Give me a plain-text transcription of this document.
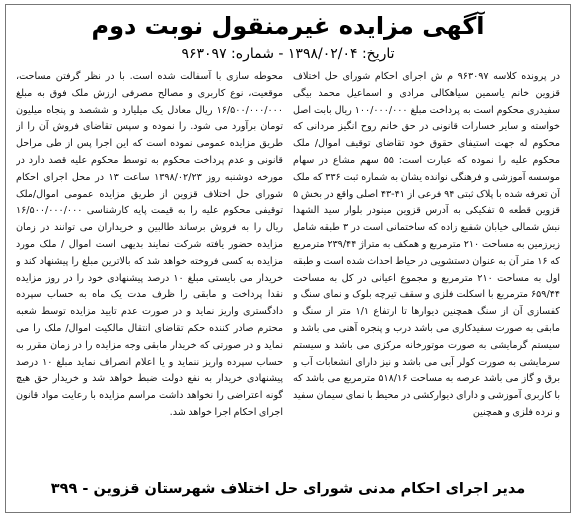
آگهی مزایده غیرمنقول نوبت دوم
تاریخ: ۱۳۹۸/۰۲/۰۴ - شماره: ۹۶۳۰۹۷

در پرونده کلاسه ۹۶۳۰۹۷ م ش اجرای احکام شورای حل اختلاف قزوین خانم یاسمین سیاهکالی مرادی و اسماعیل محمد بیگی سفیدری محکوم است به پرداخت مبلغ ۱۰۰/۰۰۰/۰۰۰ ریال بابت اصل خواسته و سایر خسارات قانونی در حق خانم روح انگیز مردانی که محکوم له جهت استیفای حقوق خود تقاضای توقیف اموال/ ملک محکوم علیه را نموده که عبارت است: ۵۵ سهم مشاع در سهام موسسه آموزشی و فرهنگی نوانده یشان به شماره ثبت ۳۳۶ که ملک آن تعرفه شده با پلاک ثبتی ۹۴ فرعی از ۴۱-۴۳ اصلی واقع در بخش ۵ قزوین قطعه ۵ تفکیکی به آدرس قزوین مینودر بلوار سید الشهدا نبش شمالی خیابان شفیع زاده که ساختمانی است در ۳ طبقه شامل زیرزمین به مساحت ۲۱۰ مترمربع و همکف به متراژ ۲۳۹/۴۴ مترمربع که ۱۶ متر آن به عنوان دستشویی در حیاط احداث شده است و طبقه اول به مساحت ۲۱۰ مترمربع و مجموع اعیانی در کل به مساحت ۶۵۹/۴۴ مترمربع با اسکلت فلزی و سقف تیرچه بلوک و نمای سنگ و کفسازی آن از سنگ همچنین دیوارها تا ارتفاع ۱/۱ متر از سنگ و مابقی به صورت سفیدکاری می باشد درب و پنجره آهنی می باشد و سیستم گرمایشی به صورت موتورخانه مرکزی می باشد و سیستم سرمایشی به صورت کولر آبی می باشد و نیز دارای انشعابات آب و برق و گاز می باشد عرصه به مساحت ۵۱۸/۱۶ مترمربع می باشد که با کاربری آموزشی و دارای دیوارکشی در محیط با نمای سیمان سفید و نرده فلزی و همچنین

محوطه سازی با آسفالت شده است. با در نظر گرفتن مساحت، موقعیت، نوع کاربری و مصالح مصرفی ارزش ملک فوق به مبلغ ۱۶/۵۰۰/۰۰۰/۰۰۰ ریال معادل یک میلیارد و ششصد و پنجاه میلیون تومان برآورد می شود. را نموده و سپس تقاضای فروش آن را از طریق مزایده عمومی نموده است که این اجرا پس از طی مراحل قانونی و عدم پرداخت محکوم به توسط محکوم علیه قصد دارد در مورخه دوشنبه روز ۱۳۹۸/۰۲/۲۳ ساعت ۱۳ در محل اجرای احکام شورای حل اختلاف قزوین از طریق مزایده عمومی اموال/ملک توقیفی محکوم علیه را به قیمت پایه کارشناسی ۱۶/۵۰۰/۰۰۰/۰۰۰ ریال را به فروش برساند طالبین و خریداران می توانند در زمان مزایده حضور یافته شرکت نمایند بدیهی است اموال / ملک مورد مزایده به کسی فروخته خواهد شد که بالاترین مبلغ را پیشنهاد کند و خریدار می بایستی مبلغ ۱۰ درصد پیشنهادی خود را در روز مزایده نقدا پرداخت و مابقی را ظرف مدت یک ماه به حساب سپرده دادگستری واریز نماید و در صورت عدم تایید مزایده توسط شعبه محترم صادر کننده حکم تقاضای انتقال مالکیت اموال/ ملک را می نماید و در صورتی که خریدار مابقی وجه مزایده را در زمان مقرر به حساب سپرده واریز ننماید و یا اعلام انصراف نماید مبلغ ۱۰ درصد پیشنهادی خریدار به نفع دولت ضبط خواهد شد و خریدار حق هیچ گونه اعتراضی را نخواهد داشت مراسم مزایده با رعایت مواد قانون اجرای احکام اجرا خواهد شد.

مدیر اجرای احکام مدنی شورای حل اختلاف شهرستان قزوین - ۳۹۹
